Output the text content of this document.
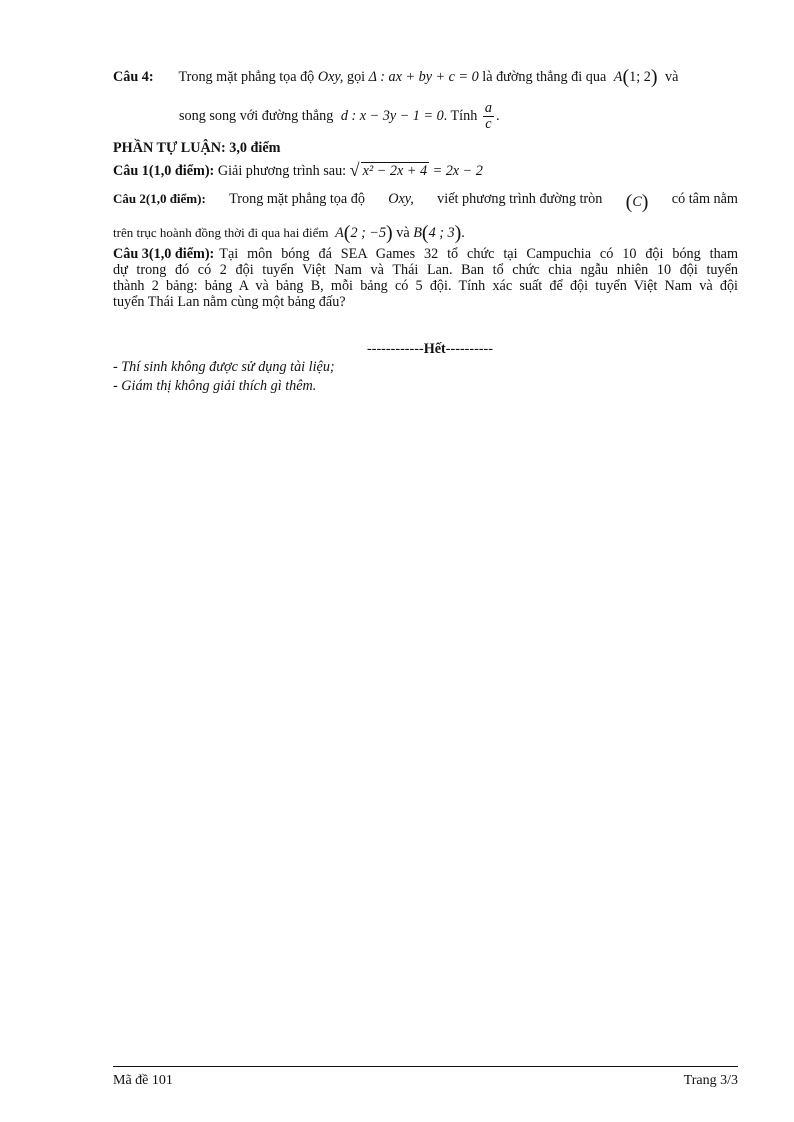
Câu 4: Trong mặt phẳng tọa độ Oxy, gọi Δ : ax + by + c = 0 là đường thẳng đi qua A(1; 2) và
song song với đường thẳng d : x − 3y − 1 = 0. Tính $\frac{a}{c}$ .
PHẦN TỰ LUẬN: 3,0 điểm
Câu 1(1,0 điểm): Giải phương trình sau: √ x² − 2x + 4 = 2x − 2
Câu 2(1,0 điểm): Trong mặt phẳng tọa độ Oxy, viết phương trình đường tròn (C) có tâm nằm
trên trục hoành đồng thời đi qua hai điểm A(2 ; −5) và B(4 ; 3).
Câu 3(1,0 điểm): Tại môn bóng đá SEA Games 32 tổ chức tại Campuchia có 10 đội bóng tham
dự trong đó có 2 đội tuyển Việt Nam và Thái Lan. Ban tổ chức chia ngẫu nhiên 10 đội tuyển
thành 2 bảng: bảng A và bảng B, mỗi bảng có 5 đội. Tính xác suất để đội tuyển Việt Nam và đội
tuyển Thái Lan nằm cùng một bảng đấu?
------------Hết----------
- Thí sinh không được sử dụng tài liệu;
- Giám thị không giải thích gì thêm.
Mã đề 101	Trang 3/3
